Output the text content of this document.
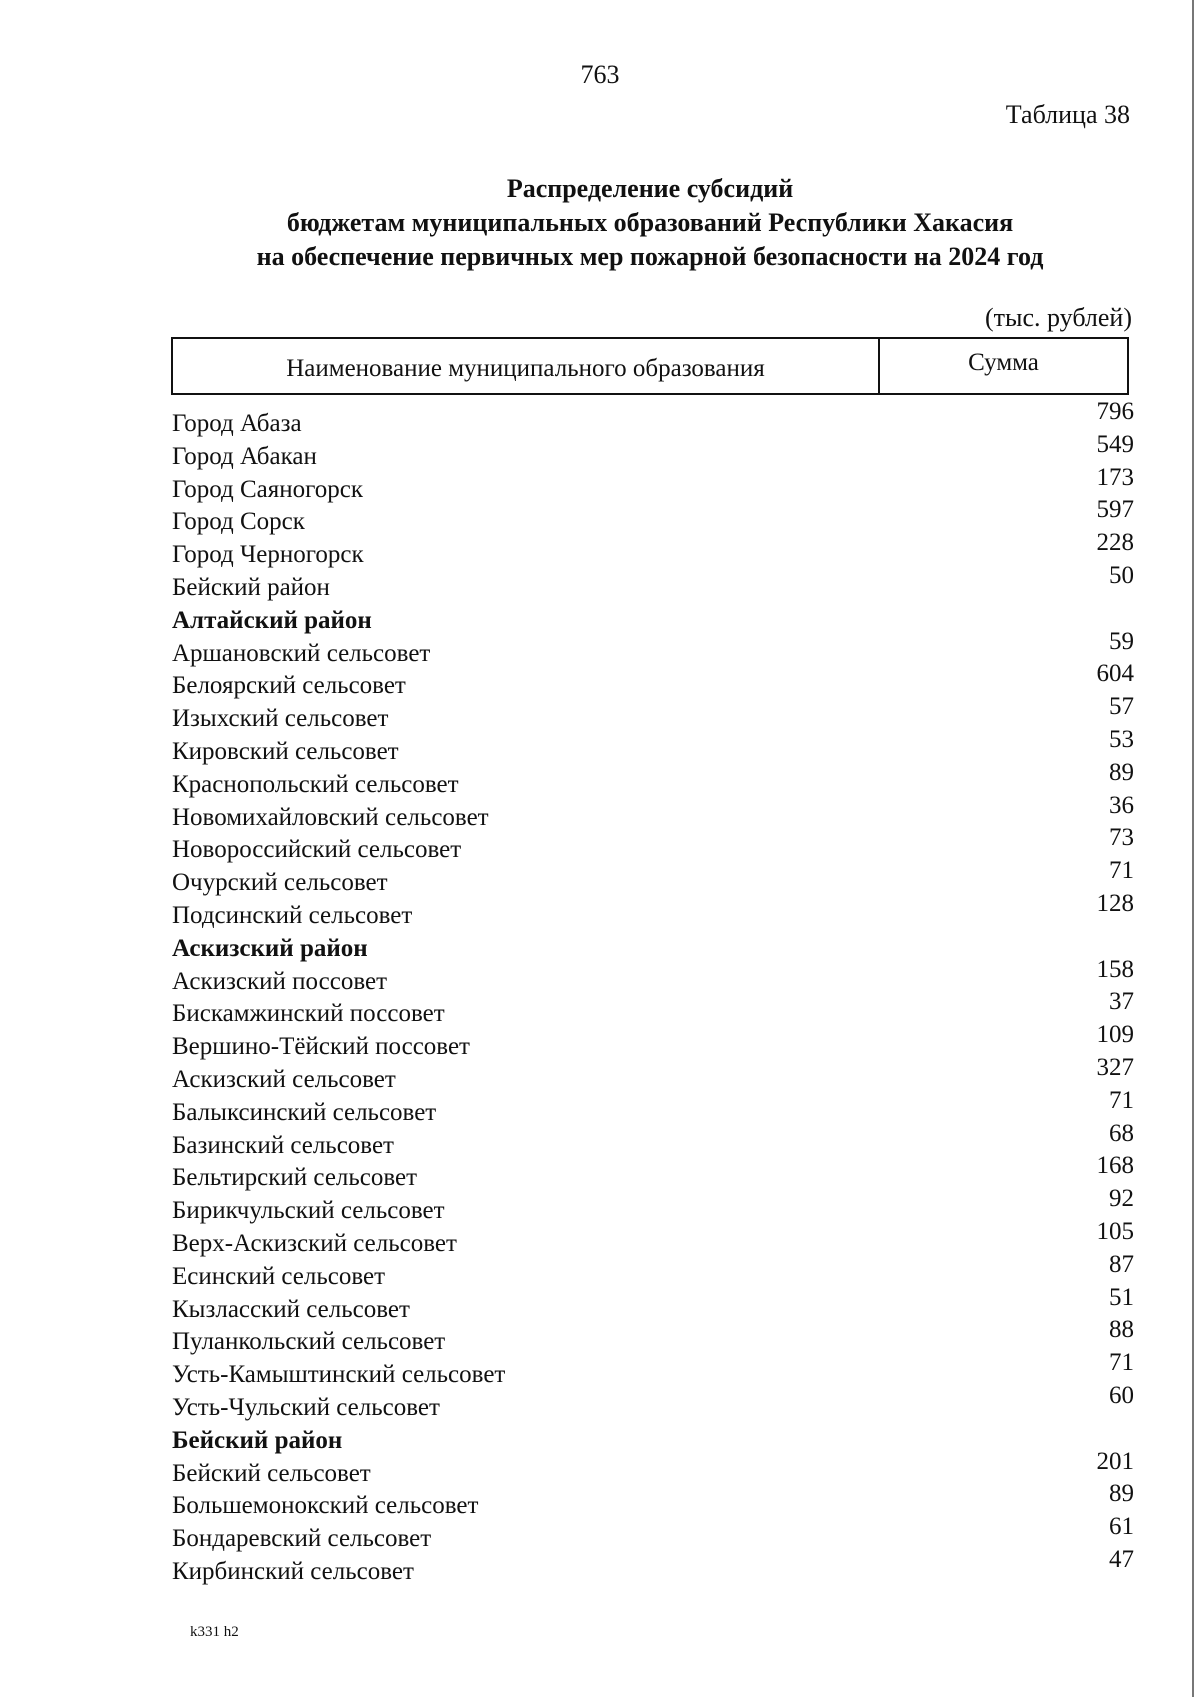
763
Таблица 38
Распределение субсидий
бюджетам муниципальных образований Республики Хакасия
на обеспечение первичных мер пожарной безопасности на 2024 год
(тыс. рублей)
Наименование муниципального образования	Сумма
Город Абаза	796
Город Абакан	549
Город Саяногорск	173
Город Сорск	597
Город Черногорск	228
Бейский район	50
Алтайский район
Аршановский сельсовет	59
Белоярский сельсовет	604
Изыхский сельсовет	57
Кировский сельсовет	53
Краснопольский сельсовет	89
Новомихайловский сельсовет	36
Новороссийский сельсовет	73
Очурский сельсовет	71
Подсинский сельсовет	128
Аскизский район
Аскизский поссовет	158
Бискамжинский поссовет	37
Вершино-Тёйский поссовет	109
Аскизский сельсовет	327
Балыксинский сельсовет	71
Базинский сельсовет	68
Бельтирский сельсовет	168
Бирикчульский сельсовет	92
Верх-Аскизский сельсовет	105
Есинский сельсовет	87
Кызласский сельсовет	51
Пуланкольский сельсовет	88
Усть-Камыштинский сельсовет	71
Усть-Чульский сельсовет	60
Бейский район
Бейский сельсовет	201
Большемонокский сельсовет	89
Бондаревский сельсовет	61
Кирбинский сельсовет	47
k331 h2
